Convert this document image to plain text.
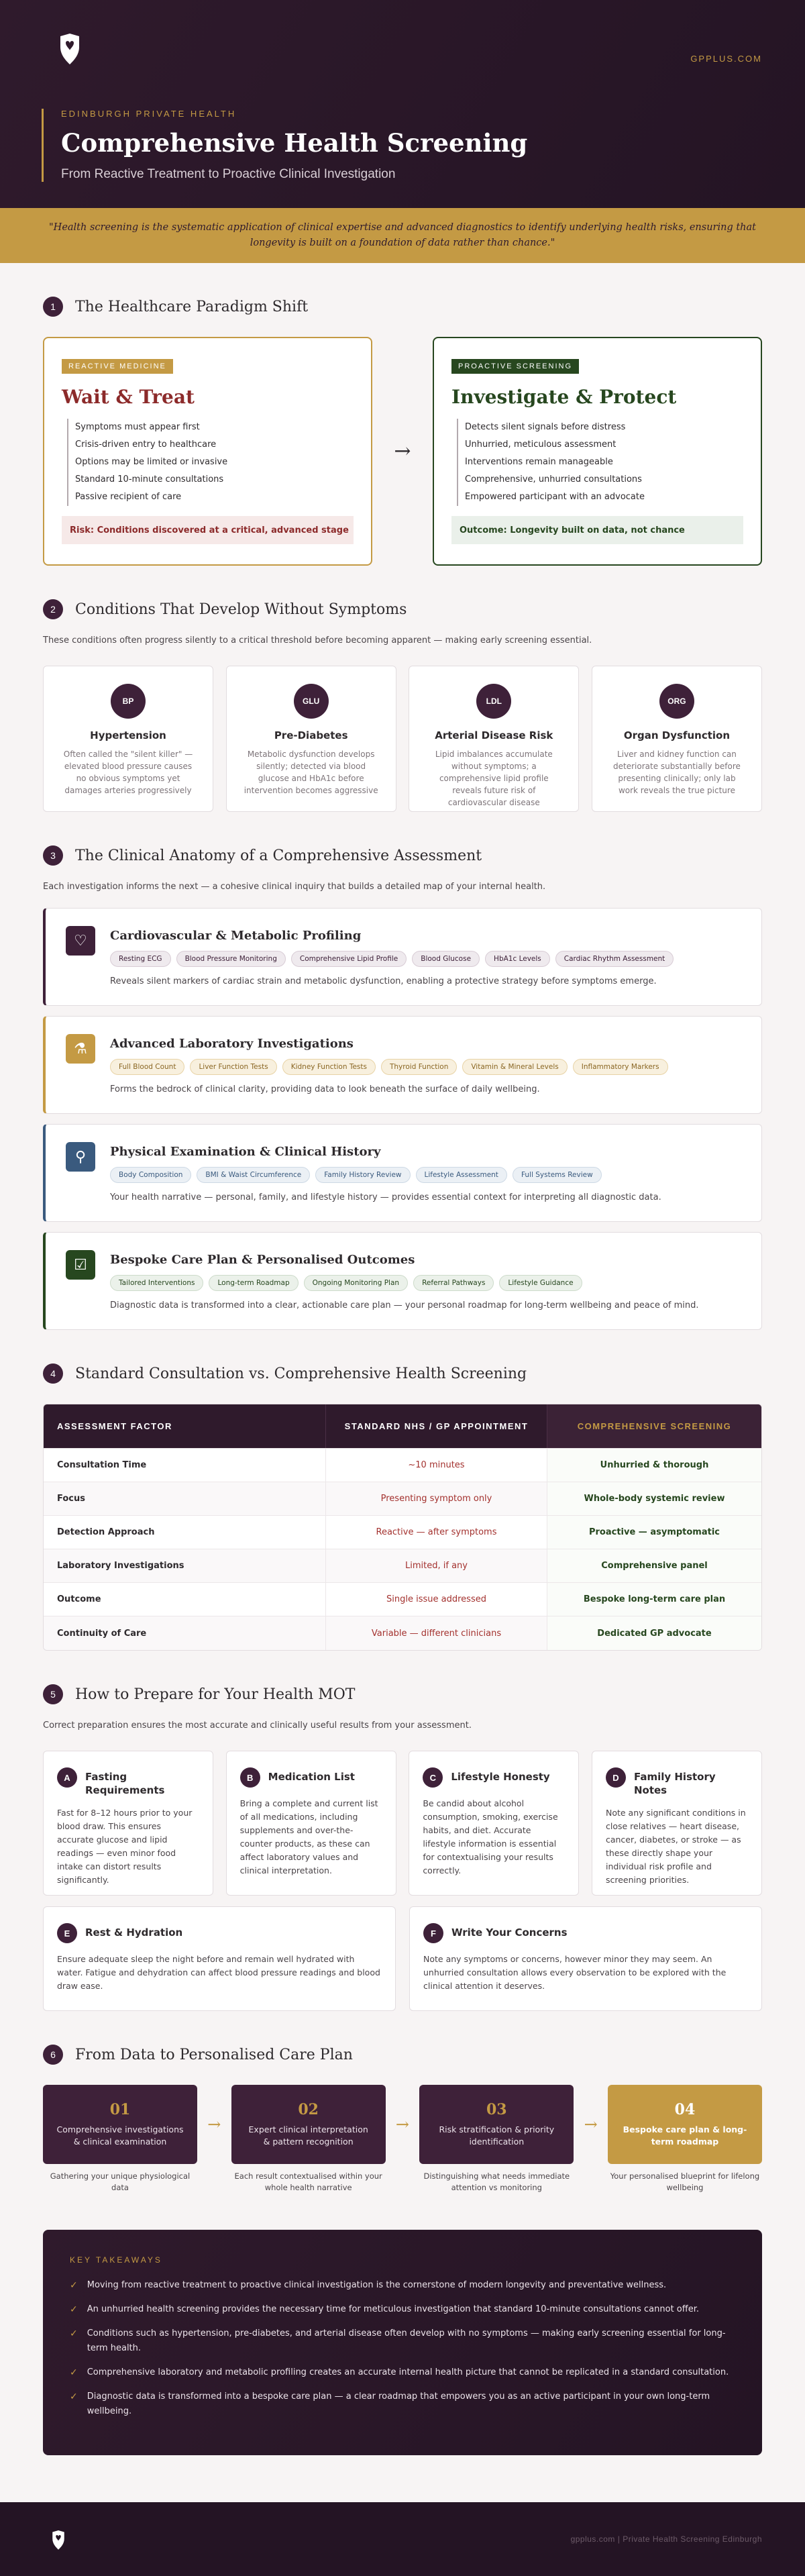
GPPLUS.COM
EDINBURGH PRIVATE HEALTH
Comprehensive Health Screening
From Reactive Treatment to Proactive Clinical Investigation

"Health screening is the systematic application of clinical expertise and advanced diagnostics to identify underlying health risks, ensuring that longevity is built on a foundation of data rather than chance."

1	The Healthcare Paradigm Shift
REACTIVE MEDICINE
Wait & Treat
Symptoms must appear first
Crisis-driven entry to healthcare
Options may be limited or invasive
Standard 10-minute consultations
Passive recipient of care
Risk: Conditions discovered at a critical, advanced stage
→
PROACTIVE SCREENING
Investigate & Protect
Detects silent signals before distress
Unhurried, meticulous assessment
Interventions remain manageable
Comprehensive, unhurried consultations
Empowered participant with an advocate
Outcome: Longevity built on data, not chance
2	Conditions That Develop Without Symptoms
These conditions often progress silently to a critical threshold before becoming apparent — making early screening essential.
BP
Hypertension
Often called the "silent killer" — elevated blood pressure causes no obvious symptoms yet damages arteries progressively
GLU
Pre-Diabetes
Metabolic dysfunction develops silently; detected via blood glucose and HbA1c before intervention becomes aggressive
LDL
Arterial Disease Risk
Lipid imbalances accumulate without symptoms; a comprehensive lipid profile reveals future risk of cardiovascular disease
ORG
Organ Dysfunction
Liver and kidney function can deteriorate substantially before presenting clinically; only lab work reveals the true picture
3	The Clinical Anatomy of a Comprehensive Assessment
Each investigation informs the next — a cohesive clinical inquiry that builds a detailed map of your internal health.
♡	Cardiovascular & Metabolic Profiling
Resting ECG	Blood Pressure Monitoring	Comprehensive Lipid Profile	Blood Glucose	HbA1c Levels	Cardiac Rhythm Assessment
Reveals silent markers of cardiac strain and metabolic dysfunction, enabling a protective strategy before symptoms emerge.
⚗	Advanced Laboratory Investigations
Full Blood Count	Liver Function Tests	Kidney Function Tests	Thyroid Function	Vitamin & Mineral Levels	Inflammatory Markers
Forms the bedrock of clinical clarity, providing data to look beneath the surface of daily wellbeing.
⚲	Physical Examination & Clinical History
Body Composition	BMI & Waist Circumference	Family History Review	Lifestyle Assessment	Full Systems Review
Your health narrative — personal, family, and lifestyle history — provides essential context for interpreting all diagnostic data.
☑	Bespoke Care Plan & Personalised Outcomes
Tailored Interventions	Long-term Roadmap	Ongoing Monitoring Plan	Referral Pathways	Lifestyle Guidance
Diagnostic data is transformed into a clear, actionable care plan — your personal roadmap for long-term wellbeing and peace of mind.
4	Standard Consultation vs. Comprehensive Health Screening
ASSESSMENT FACTOR	STANDARD NHS / GP APPOINTMENT	COMPREHENSIVE SCREENING
Consultation Time	~10 minutes	Unhurried & thorough
Focus	Presenting symptom only	Whole-body systemic review
Detection Approach	Reactive — after symptoms	Proactive — asymptomatic
Laboratory Investigations	Limited, if any	Comprehensive panel
Outcome	Single issue addressed	Bespoke long-term care plan
Continuity of Care	Variable — different clinicians	Dedicated GP advocate
5	How to Prepare for Your Health MOT
Correct preparation ensures the most accurate and clinically useful results from your assessment.
A	Fasting Requirements
Fast for 8–12 hours prior to your blood draw. This ensures accurate glucose and lipid readings — even minor food intake can distort results significantly.
B	Medication List
Bring a complete and current list of all medications, including supplements and over-the-counter products, as these can affect laboratory values and clinical interpretation.
C	Lifestyle Honesty
Be candid about alcohol consumption, smoking, exercise habits, and diet. Accurate lifestyle information is essential for contextualising your results correctly.
D	Family History Notes
Note any significant conditions in close relatives — heart disease, cancer, diabetes, or stroke — as these directly shape your individual risk profile and screening priorities.
E	Rest & Hydration
Ensure adequate sleep the night before and remain well hydrated with water. Fatigue and dehydration can affect blood pressure readings and blood draw ease.
F	Write Your Concerns
Note any symptoms or concerns, however minor they may seem. An unhurried consultation allows every observation to be explored with the clinical attention it deserves.
6	From Data to Personalised Care Plan
01
Comprehensive investigations & clinical examination
Gathering your unique physiological data
→
02
Expert clinical interpretation & pattern recognition
Each result contextualised within your whole health narrative
→
03
Risk stratification & priority identification
Distinguishing what needs immediate attention vs monitoring
→
04
Bespoke care plan & long-term roadmap
Your personalised blueprint for lifelong wellbeing
KEY TAKEAWAYS
✓ Moving from reactive treatment to proactive clinical investigation is the cornerstone of modern longevity and preventative wellness.
✓ An unhurried health screening provides the necessary time for meticulous investigation that standard 10-minute consultations cannot offer.
✓ Conditions such as hypertension, pre-diabetes, and arterial disease often develop with no symptoms — making early screening essential for long-term health.
✓ Comprehensive laboratory and metabolic profiling creates an accurate internal health picture that cannot be replicated in a standard consultation.
✓ Diagnostic data is transformed into a bespoke care plan — a clear roadmap that empowers you as an active participant in your own long-term wellbeing.
gpplus.com | Private Health Screening Edinburgh
